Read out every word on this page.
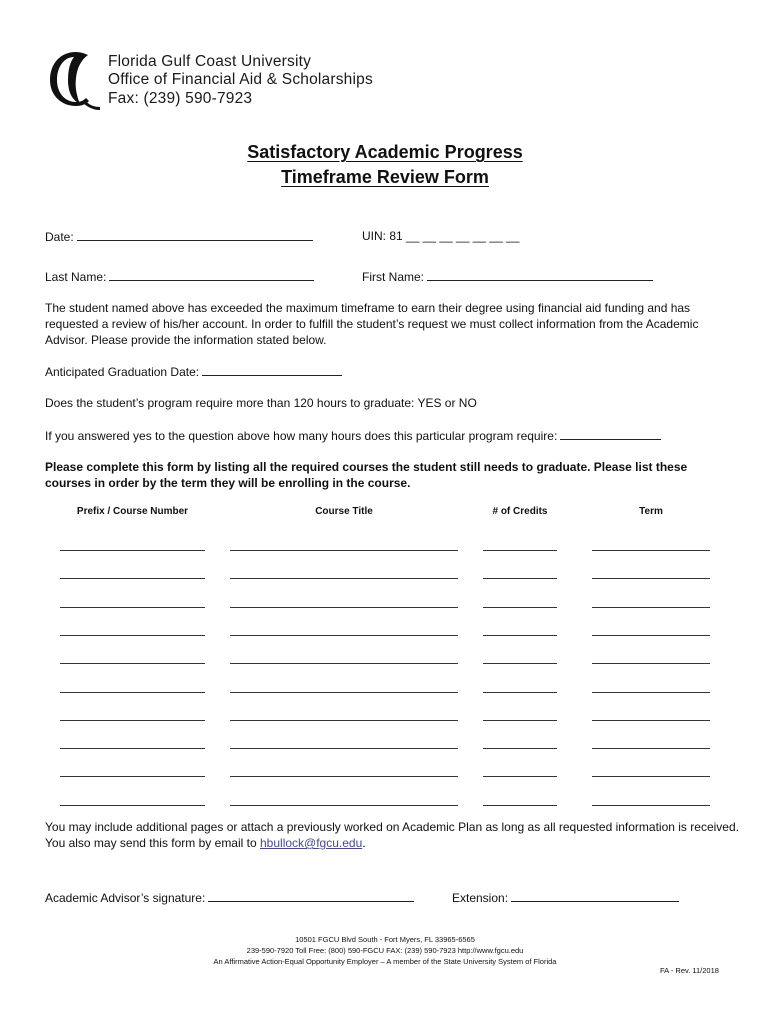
Florida Gulf Coast University
Office of Financial Aid & Scholarships
Fax: (239) 590-7923
Satisfactory Academic Progress
Timeframe Review Form
Date:	UIN: 81 __ __ __ __ __ __ __
Last Name:	First Name:
The student named above has exceeded the maximum timeframe to earn their degree using financial aid funding and has requested a review of his/her account. In order to fulfill the student’s request we must collect information from the Academic Advisor. Please provide the information stated below.
Anticipated Graduation Date:
Does the student’s program require more than 120 hours to graduate: YES or NO
If you answered yes to the question above how many hours does this particular program require:
Please complete this form by listing all the required courses the student still needs to graduate. Please list these courses in order by the term they will be enrolling in the course.
Prefix / Course Number	Course Title	# of Credits	Term
You may include additional pages or attach a previously worked on Academic Plan as long as all requested information is received.
You also may send this form by email to hbullock@fgcu.edu.
Academic Advisor’s signature:	Extension:
10501 FGCU Blvd South - Fort Myers, FL 33965-6565
239-590-7920 Toll Free: (800) 590-FGCU FAX: (239) 590-7923 http://www.fgcu.edu
An Affirmative Action-Equal Opportunity Employer – A member of the State University System of Florida
FA - Rev. 11/2018
